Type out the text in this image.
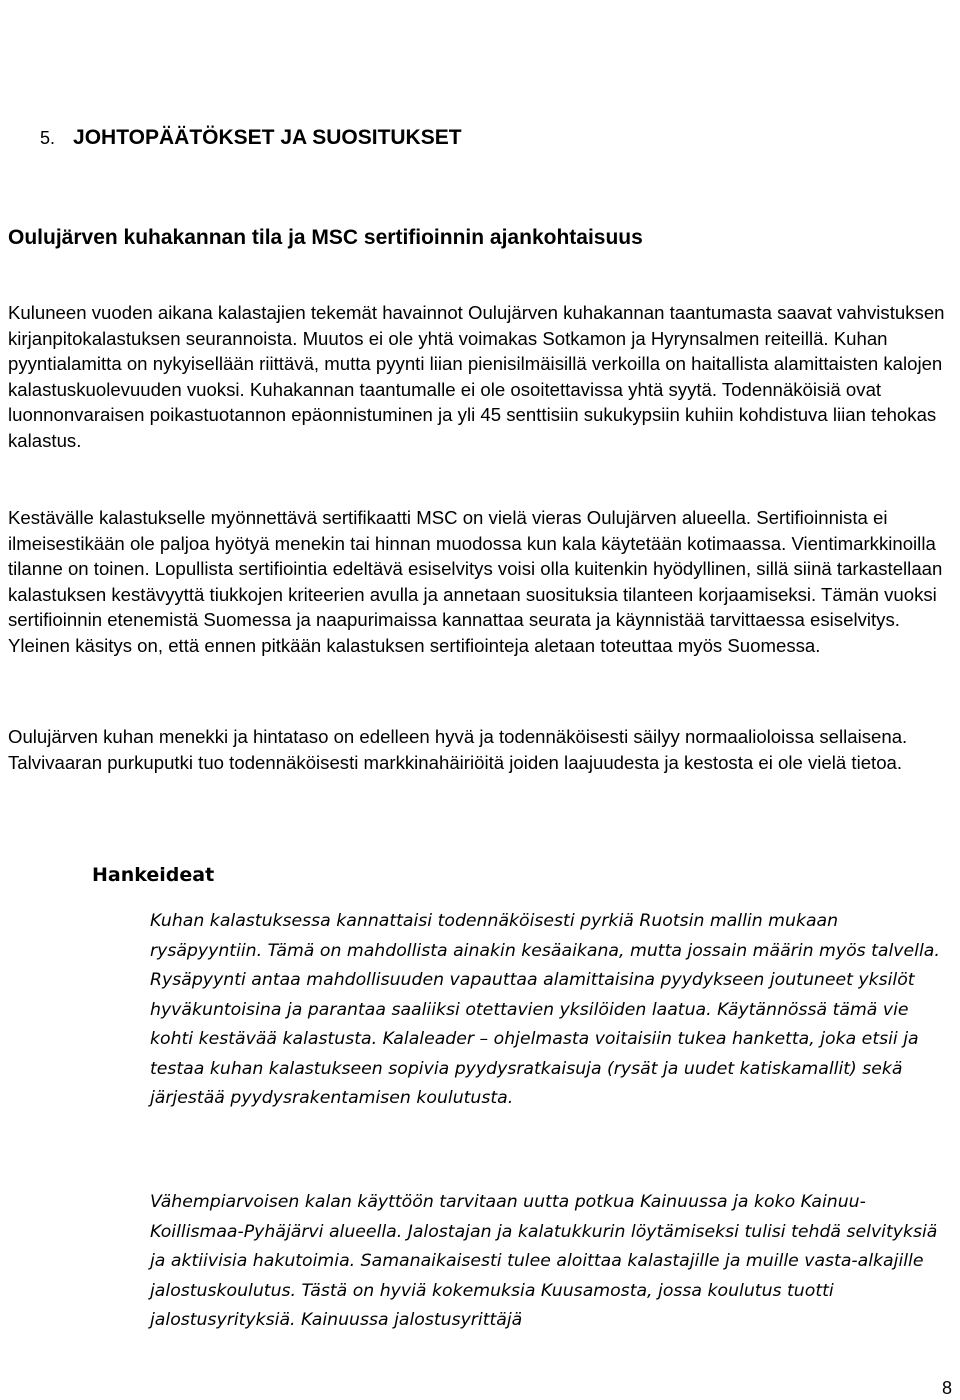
5. JOHTOPÄÄTÖKSET JA SUOSITUKSET
Oulujärven kuhakannan tila ja MSC sertifioinnin ajankohtaisuus

Kuluneen vuoden aikana kalastajien tekemät havainnot Oulujärven kuhakannan taantumasta saavat vahvistuksen kirjanpitokalastuksen seurannoista. Muutos ei ole yhtä voimakas Sotkamon ja Hyrynsalmen reiteillä. Kuhan pyyntialamitta on nykyisellään riittävä, mutta pyynti liian pienisilmäisillä verkoilla on haitallista alamittaisten kalojen kalastuskuolevuuden vuoksi. Kuhakannan taantumalle ei ole osoitettavissa yhtä syytä. Todennäköisiä ovat luonnonvaraisen poikastuotannon epäonnistuminen ja yli 45 senttisiin sukukypsiin kuhiin kohdistuva liian tehokas kalastus.

Kestävälle kalastukselle myönnettävä sertifikaatti MSC on vielä vieras Oulujärven alueella. Sertifioinnista ei ilmeisestikään ole paljoa hyötyä menekin tai hinnan muodossa kun kala käytetään kotimaassa. Vientimarkkinoilla tilanne on toinen. Lopullista sertifiointia edeltävä esiselvitys voisi olla kuitenkin hyödyllinen, sillä siinä tarkastellaan kalastuksen kestävyyttä tiukkojen kriteerien avulla ja annetaan suosituksia tilanteen korjaamiseksi. Tämän vuoksi sertifioinnin etenemistä Suomessa ja naapurimaissa kannattaa seurata ja käynnistää tarvittaessa esiselvitys. Yleinen käsitys on, että ennen pitkään kalastuksen sertifiointeja aletaan toteuttaa myös Suomessa.

Oulujärven kuhan menekki ja hintataso on edelleen hyvä ja todennäköisesti säilyy normaalioloissa sellaisena. Talvivaaran purkuputki tuo todennäköisesti markkinahäiriöitä joiden laajuudesta ja kestosta ei ole vielä tietoa.

Hankeideat

Kuhan kalastuksessa kannattaisi todennäköisesti pyrkiä Ruotsin mallin mukaan rysäpyyntiin. Tämä on mahdollista ainakin kesäaikana, mutta jossain määrin myös talvella. Rysäpyynti antaa mahdollisuuden vapauttaa alamittaisina pyydykseen joutuneet yksilöt hyväkuntoisina ja parantaa saaliiksi otettavien yksilöiden laatua. Käytännössä tämä vie kohti kestävää kalastusta. Kalaleader – ohjelmasta voitaisiin tukea hanketta, joka etsii ja testaa kuhan kalastukseen sopivia pyydysratkaisuja (rysät ja uudet katiskamallit) sekä järjestää pyydysrakentamisen koulutusta.

Vähempiarvoisen kalan käyttöön tarvitaan uutta potkua Kainuussa ja koko Kainuu-Koillismaa-Pyhäjärvi alueella. Jalostajan ja kalatukkurin löytämiseksi tulisi tehdä selvityksiä ja aktiivisia hakutoimia. Samanaikaisesti tulee aloittaa kalastajille ja muille vasta-alkajille jalostuskoulutus. Tästä on hyviä kokemuksia Kuusamosta, jossa koulutus tuotti jalostusyrityksiä. Kainuussa jalostusyrittäjä

8
